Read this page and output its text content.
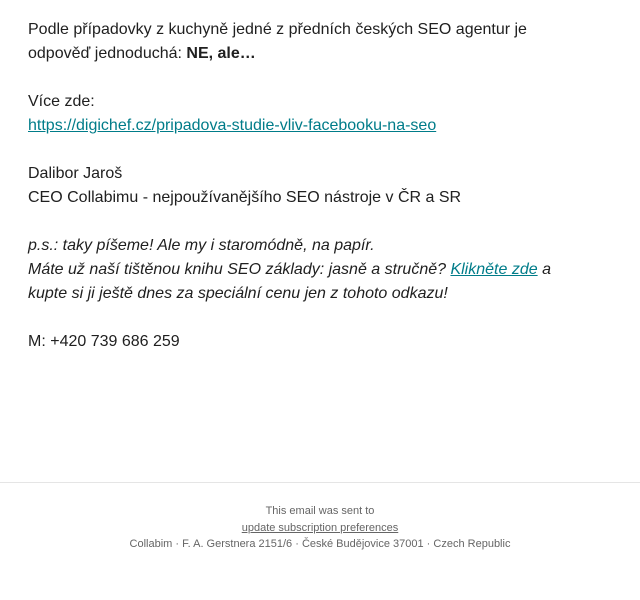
Podle případovky z kuchyně jedné z předních českých SEO agentur je odpověď jednoduchá: NE, ale…

Více zde:
https://digichef.cz/pripadova-studie-vliv-facebooku-na-seo

Dalibor Jaroš
CEO Collabimu - nejpoužívanějšího SEO nástroje v ČR a SR

p.s.: taky píšeme! Ale my i staromódně, na papír.
Máte už naší tištěnou knihu SEO základy: jasně a stručně? Klikněte zde a kupte si ji ještě dnes za speciální cenu jen z tohoto odkazu!

M: +420 739 686 259

This email was sent to
update subscription preferences
Collabim · F. A. Gerstnera 2151/6 · České Budějovice 37001 · Czech Republic
